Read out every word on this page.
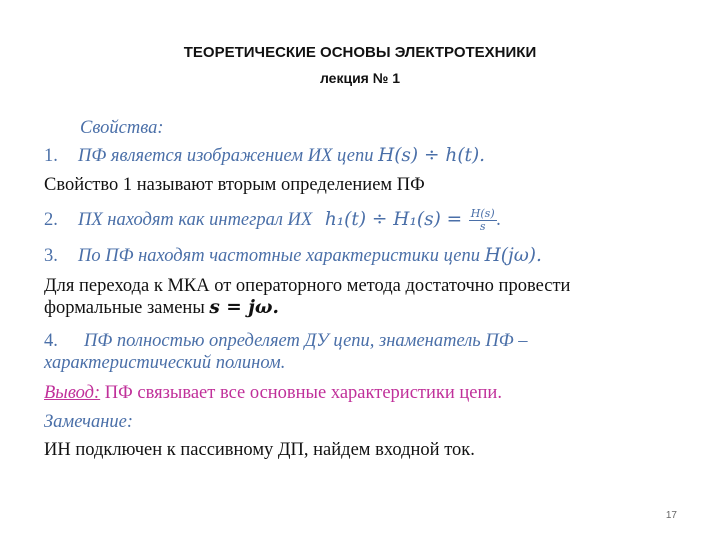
ТЕОРЕТИЧЕСКИЕ ОСНОВЫ ЭЛЕКТРОТЕХНИКИ
лекция № 1
Свойства:
1. ПФ является изображением ИХ цепи H(s) ÷ h(t).
Свойство 1 называют вторым определением ПФ
2. ПХ находят как интеграл ИХ $h_1(t) \div H_1(s) = \frac{H(s)}{s}$ .
3. По ПФ находят частотные характеристики цепи H(jω).
Для перехода к МКА от операторного метода достаточно провести
формальные замены s = jω.
4. ПФ полностью определяет ДУ цепи, знаменатель ПФ –
характеристический полином.
Вывод: ПФ связывает все основные характеристики цепи.
Замечание:
ИН подключен к пассивному ДП, найдем входной ток.
17
